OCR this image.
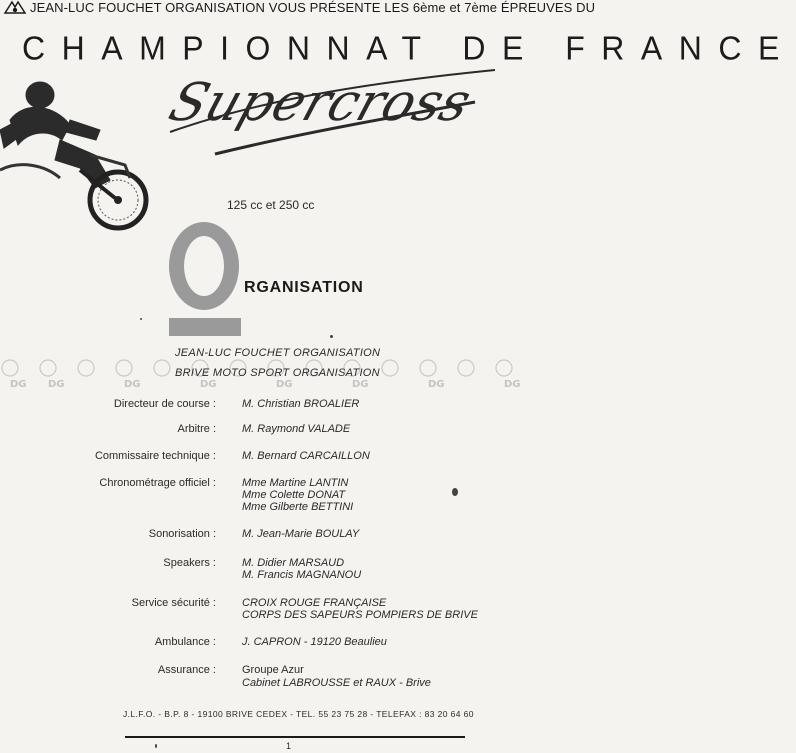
JEAN-LUC FOUCHET ORGANISATION VOUS PRÉSENTE LES 6ème et 7ème ÉPREUVES DU
CHAMPIONNAT DE FRANCE
Supercross
125 cc et 250 cc
RGANISATION
DG DG	DG	DG	DG	DG	DG	DG
JEAN-LUC FOUCHET ORGANISATION
BRIVE MOTO SPORT ORGANISATION
Directeur de course : M. Christian BROALIER
Arbitre : M. Raymond VALADE
Commissaire technique : M. Bernard CARCAILLON
Chronométrage officiel : Mme Martine LANTIN
Mme Colette DONAT
Mme Gilberte BETTINI
Sonorisation : M. Jean-Marie BOULAY
Speakers : M. Didier MARSAUD
M. Francis MAGNANOU
Service sécurité : CROIX ROUGE FRANÇAISE
CORPS DES SAPEURS POMPIERS DE BRIVE
Ambulance : J. CAPRON - 19120 Beaulieu
Assurance : Groupe Azur
Cabinet LABROUSSE et RAUX - Brive
J.L.F.O. - B.P. 8 - 19100 BRIVE CEDEX - TEL. 55 23 75 28 - TELEFAX : 83 20 64 60
1
